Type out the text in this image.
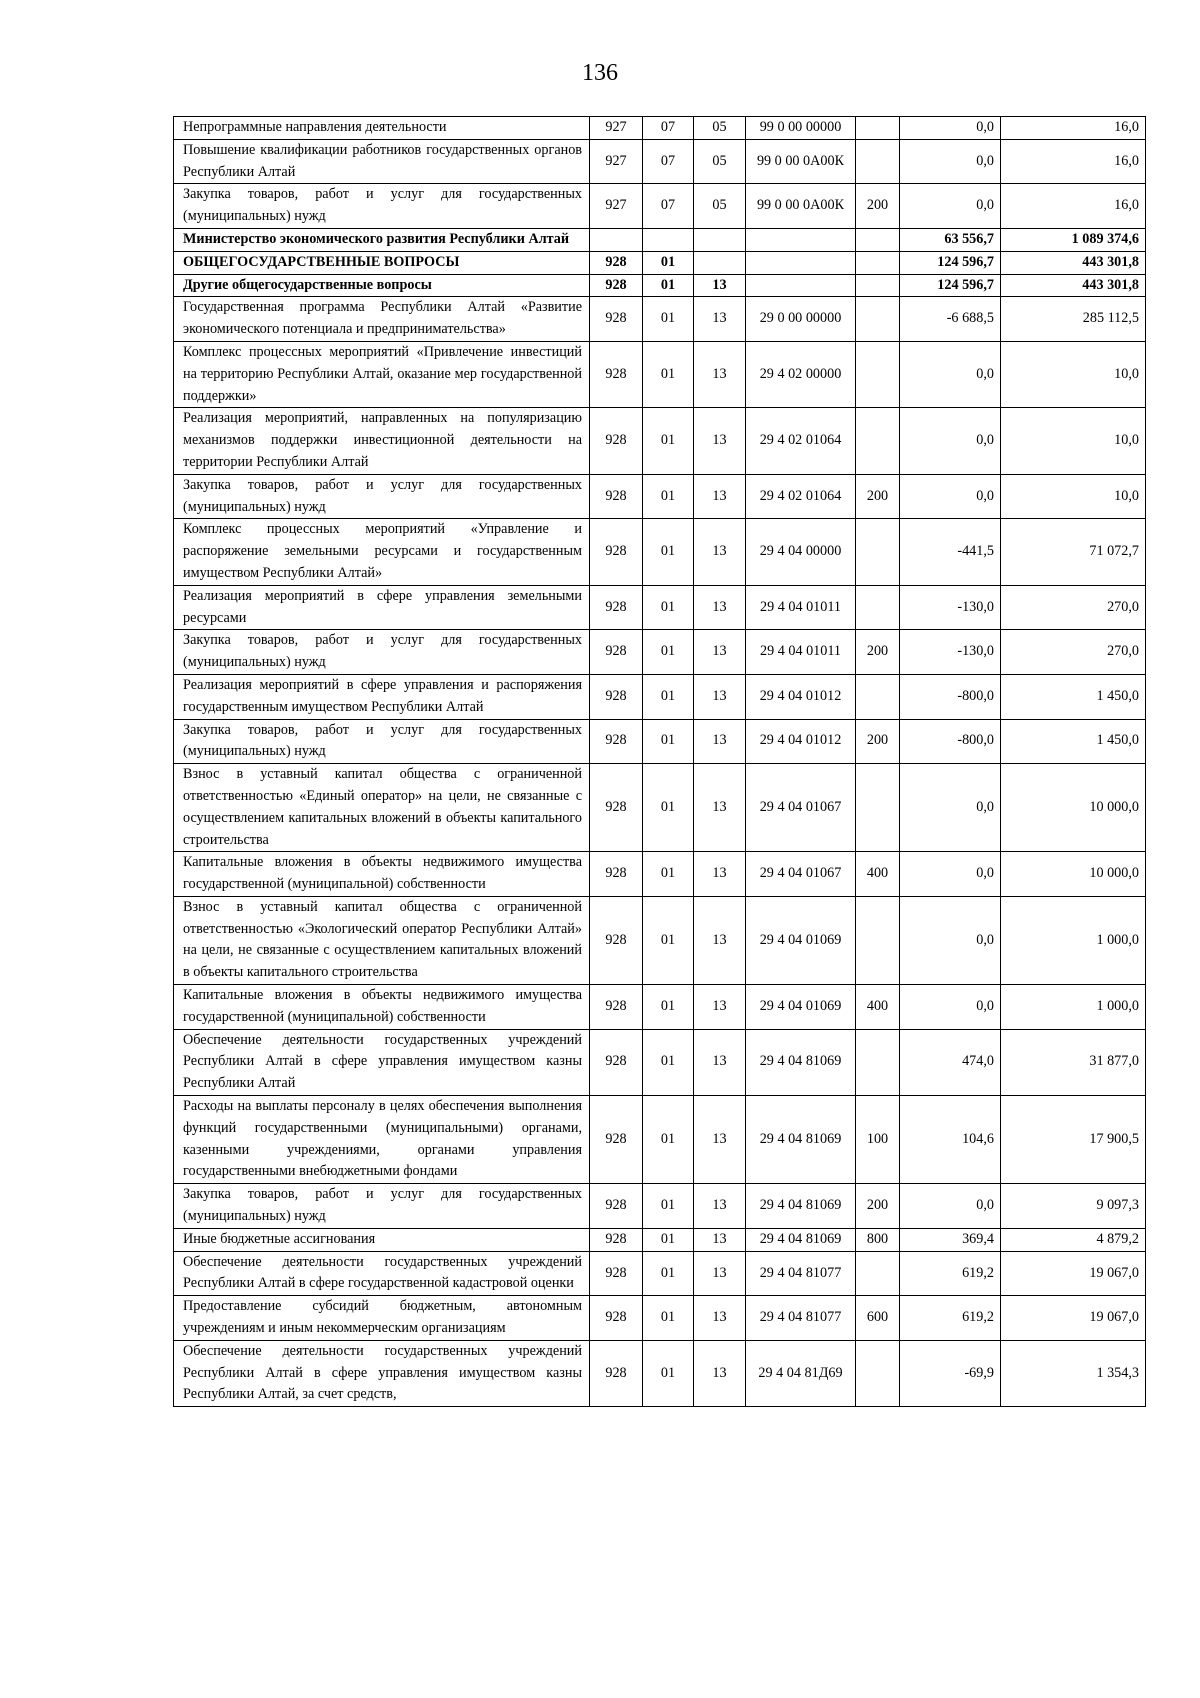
136
Непрограммные направления деятельности	927	07	05	99 0 00 00000		0,0	16,0
Повышение квалификации работников государственных органов Республики Алтай	927	07	05	99 0 00 0А00К		0,0	16,0
Закупка товаров, работ и услуг для государственных (муниципальных) нужд	927	07	05	99 0 00 0А00К	200	0,0	16,0
Министерство экономического развития Республики Алтай						63 556,7	1 089 374,6
ОБЩЕГОСУДАРСТВЕННЫЕ ВОПРОСЫ	928	01				124 596,7	443 301,8
Другие общегосударственные вопросы	928	01	13			124 596,7	443 301,8
Государственная программа Республики Алтай «Развитие экономического потенциала и предпринимательства»	928	01	13	29 0 00 00000		-6 688,5	285 112,5
Комплекс процессных мероприятий «Привлечение инвестиций на территорию Республики Алтай, оказание мер государственной поддержки»	928	01	13	29 4 02 00000		0,0	10,0
Реализация мероприятий, направленных на популяризацию механизмов поддержки инвестиционной деятельности на территории Республики Алтай	928	01	13	29 4 02 01064		0,0	10,0
Закупка товаров, работ и услуг для государственных (муниципальных) нужд	928	01	13	29 4 02 01064	200	0,0	10,0
Комплекс процессных мероприятий «Управление и распоряжение земельными ресурсами и государственным имуществом Республики Алтай»	928	01	13	29 4 04 00000		-441,5	71 072,7
Реализация мероприятий в сфере управления земельными ресурсами	928	01	13	29 4 04 01011		-130,0	270,0
Закупка товаров, работ и услуг для государственных (муниципальных) нужд	928	01	13	29 4 04 01011	200	-130,0	270,0
Реализация мероприятий в сфере управления и распоряжения государственным имуществом Республики Алтай	928	01	13	29 4 04 01012		-800,0	1 450,0
Закупка товаров, работ и услуг для государственных (муниципальных) нужд	928	01	13	29 4 04 01012	200	-800,0	1 450,0
Взнос в уставный капитал общества с ограниченной ответственностью «Единый оператор» на цели, не связанные с осуществлением капитальных вложений в объекты капитального строительства	928	01	13	29 4 04 01067		0,0	10 000,0
Капитальные вложения в объекты недвижимого имущества государственной (муниципальной) собственности	928	01	13	29 4 04 01067	400	0,0	10 000,0
Взнос в уставный капитал общества с ограниченной ответственностью «Экологический оператор Республики Алтай» на цели, не связанные с осуществлением капитальных вложений в объекты капитального строительства	928	01	13	29 4 04 01069		0,0	1 000,0
Капитальные вложения в объекты недвижимого имущества государственной (муниципальной) собственности	928	01	13	29 4 04 01069	400	0,0	1 000,0
Обеспечение деятельности государственных учреждений Республики Алтай в сфере управления имуществом казны Республики Алтай	928	01	13	29 4 04 81069		474,0	31 877,0
Расходы на выплаты персоналу в целях обеспечения выполнения функций государственными (муниципальными) органами, казенными учреждениями, органами управления государственными внебюджетными фондами	928	01	13	29 4 04 81069	100	104,6	17 900,5
Закупка товаров, работ и услуг для государственных (муниципальных) нужд	928	01	13	29 4 04 81069	200	0,0	9 097,3
Иные бюджетные ассигнования	928	01	13	29 4 04 81069	800	369,4	4 879,2
Обеспечение деятельности государственных учреждений Республики Алтай в сфере государственной кадастровой оценки	928	01	13	29 4 04 81077		619,2	19 067,0
Предоставление субсидий бюджетным, автономным учреждениям и иным некоммерческим организациям	928	01	13	29 4 04 81077	600	619,2	19 067,0
Обеспечение деятельности государственных учреждений Республики Алтай в сфере управления имуществом казны Республики Алтай, за счет средств,	928	01	13	29 4 04 81Д69		-69,9	1 354,3
